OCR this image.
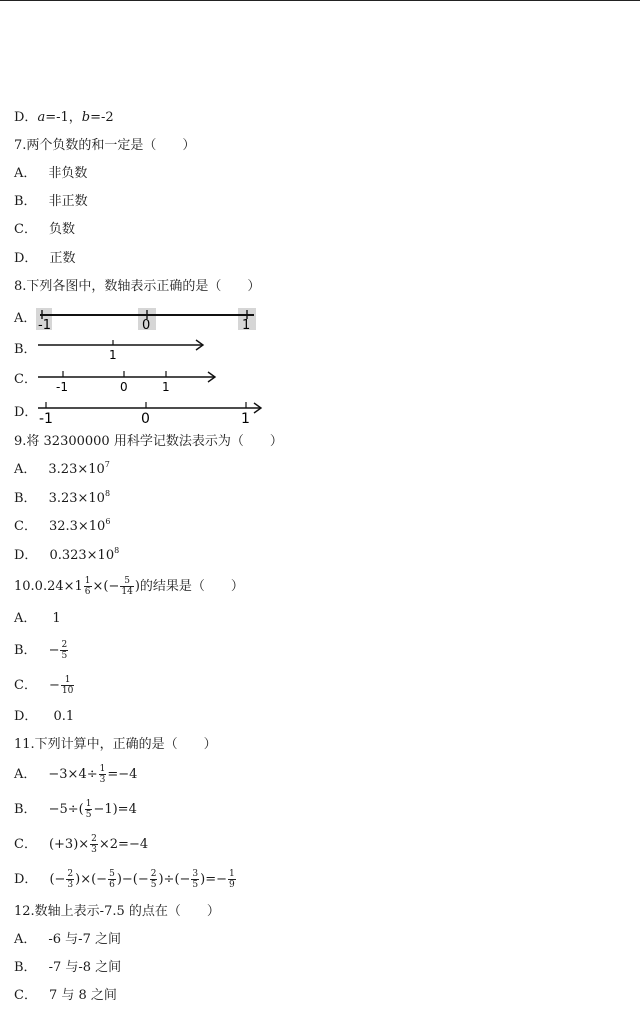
D．a=-1，b=-2
7.两个负数的和一定是（　　）
A． 非负数
B． 非正数
C． 负数
D． 正数
8.下列各图中，数轴表示正确的是（　　）
A． -1	0	1
B．	1
C． -1	0	1
D． -1	0	1
9.将 32300000 用科学记数法表示为（　　）
A． $3.23\times 10^7$
B． $3.23\times 10^8$
C． $32.3\times 10^6$
D． $0.323\times 10^8$
$10.0.24\times 1 \frac{1}{6}$ ×(− $\frac{5}{14}$ )的结果是（　　）
A． 1
B． − $\frac{2}{5}$
C． − $\frac{1}{10}$
D． 0.1
11.下列计算中，正确的是（　　）
A． $-3\times 4\div \frac{1}{3} =-4$
B． $-5\div( \frac{1}{5} -1)=4$
C． $(+3)\times \frac{2}{3} \times 2=-4$
D． (− $\frac{2}{3}$ )×(− $\frac{5}{6}$ )−(− $\frac{2}{5}$ )÷(− $\frac{3}{5}$ )=− $\frac{1}{9}$
12.数轴上表示-7.5 的点在（　　）
A． -6 与-7 之间
B． -7 与-8 之间
C． 7 与 8 之间
